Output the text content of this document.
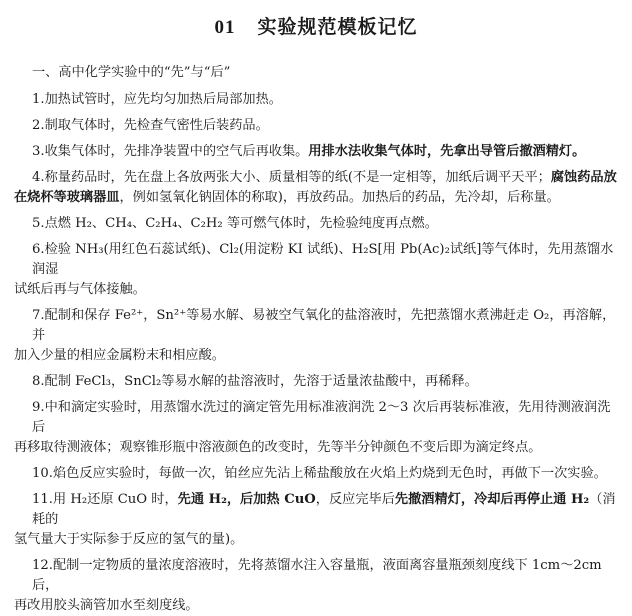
01 实验规范模板记忆

一、高中化学实验中的“先”与“后”

1.加热试管时，应先均匀加热后局部加热。
2.制取气体时，先检查气密性后装药品。
3.收集气体时，先排净装置中的空气后再收集。用排水法收集气体时，先拿出导管后撤酒精灯。
4.称量药品时，先在盘上各放两张大小、质量相等的纸(不是一定相等，加纸后调平天平；腐蚀药品放
在烧杯等玻璃器皿，例如氢氧化钠固体的称取)，再放药品。加热后的药品，先冷却，后称量。
5.点燃 H₂、CH₄、C₂H₄、C₂H₂ 等可燃气体时，先检验纯度再点燃。
6.检验 NH₃(用红色石蕊试纸)、Cl₂(用淀粉 KI 试纸)、H₂S[用 Pb(Ac)₂试纸]等气体时，先用蒸馏水润湿
试纸后再与气体接触。
7.配制和保存 Fe²⁺，Sn²⁺等易水解、易被空气氧化的盐溶液时，先把蒸馏水煮沸赶走 O₂，再溶解，并
加入少量的相应金属粉末和相应酸。
8.配制 FeCl₃，SnCl₂等易水解的盐溶液时，先溶于适量浓盐酸中，再稀释。
9.中和滴定实验时，用蒸馏水洗过的滴定管先用标准液润洗 2～3 次后再装标准液，先用待测液润洗后
再移取待测液体；观察锥形瓶中溶液颜色的改变时，先等半分钟颜色不变后即为滴定终点。
10.焰色反应实验时，每做一次，铂丝应先沾上稀盐酸放在火焰上灼烧到无色时，再做下一次实验。
11.用 H₂还原 CuO 时，先通 H₂，后加热 CuO，反应完毕后先撤酒精灯，冷却后再停止通 H₂（消耗的
氢气量大于实际参于反应的氢气的量)。
12.配制一定物质的量浓度溶液时，先将蒸馏水注入容量瓶，液面离容量瓶颈刻度线下 1cm～2cm 后，
再改用胶头滴管加水至刻度线。
